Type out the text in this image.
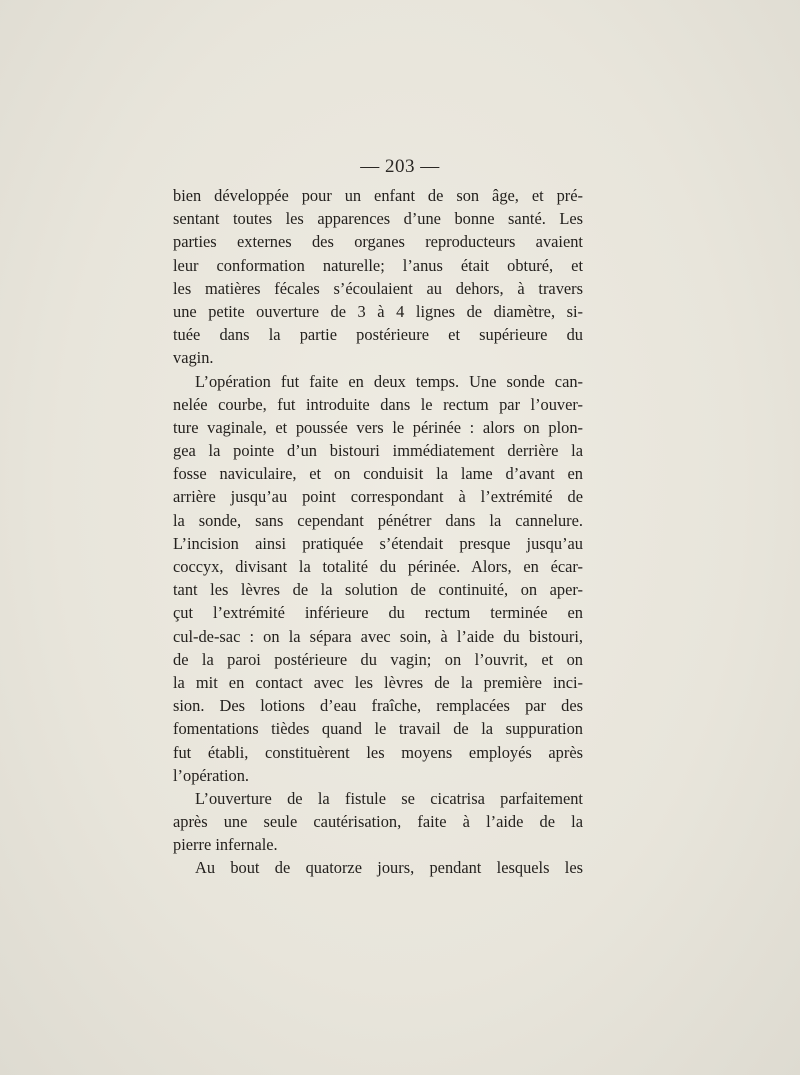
— 203 —
bien développée pour un enfant de son âge, et pré-
sentant toutes les apparences d’une bonne santé. Les
parties externes des organes reproducteurs avaient
leur conformation naturelle; l’anus était obturé, et
les matières fécales s’écoulaient au dehors, à travers
une petite ouverture de 3 à 4 lignes de diamètre, si-
tuée dans la partie postérieure et supérieure du
vagin.
L’opération fut faite en deux temps. Une sonde can-
nelée courbe, fut introduite dans le rectum par l’ouver-
ture vaginale, et poussée vers le périnée : alors on plon-
gea la pointe d’un bistouri immédiatement derrière la
fosse naviculaire, et on conduisit la lame d’avant en
arrière jusqu’au point correspondant à l’extrémité de
la sonde, sans cependant pénétrer dans la cannelure.
L’incision ainsi pratiquée s’étendait presque jusqu’au
coccyx, divisant la totalité du périnée. Alors, en écar-
tant les lèvres de la solution de continuité, on aper-
çut l’extrémité inférieure du rectum terminée en
cul-de-sac : on la sépara avec soin, à l’aide du bistouri,
de la paroi postérieure du vagin; on l’ouvrit, et on
la mit en contact avec les lèvres de la première inci-
sion. Des lotions d’eau fraîche, remplacées par des
fomentations tièdes quand le travail de la suppuration
fut établi, constituèrent les moyens employés après
l’opération.
L’ouverture de la fistule se cicatrisa parfaitement
après une seule cautérisation, faite à l’aide de la
pierre infernale.
Au bout de quatorze jours, pendant lesquels les
